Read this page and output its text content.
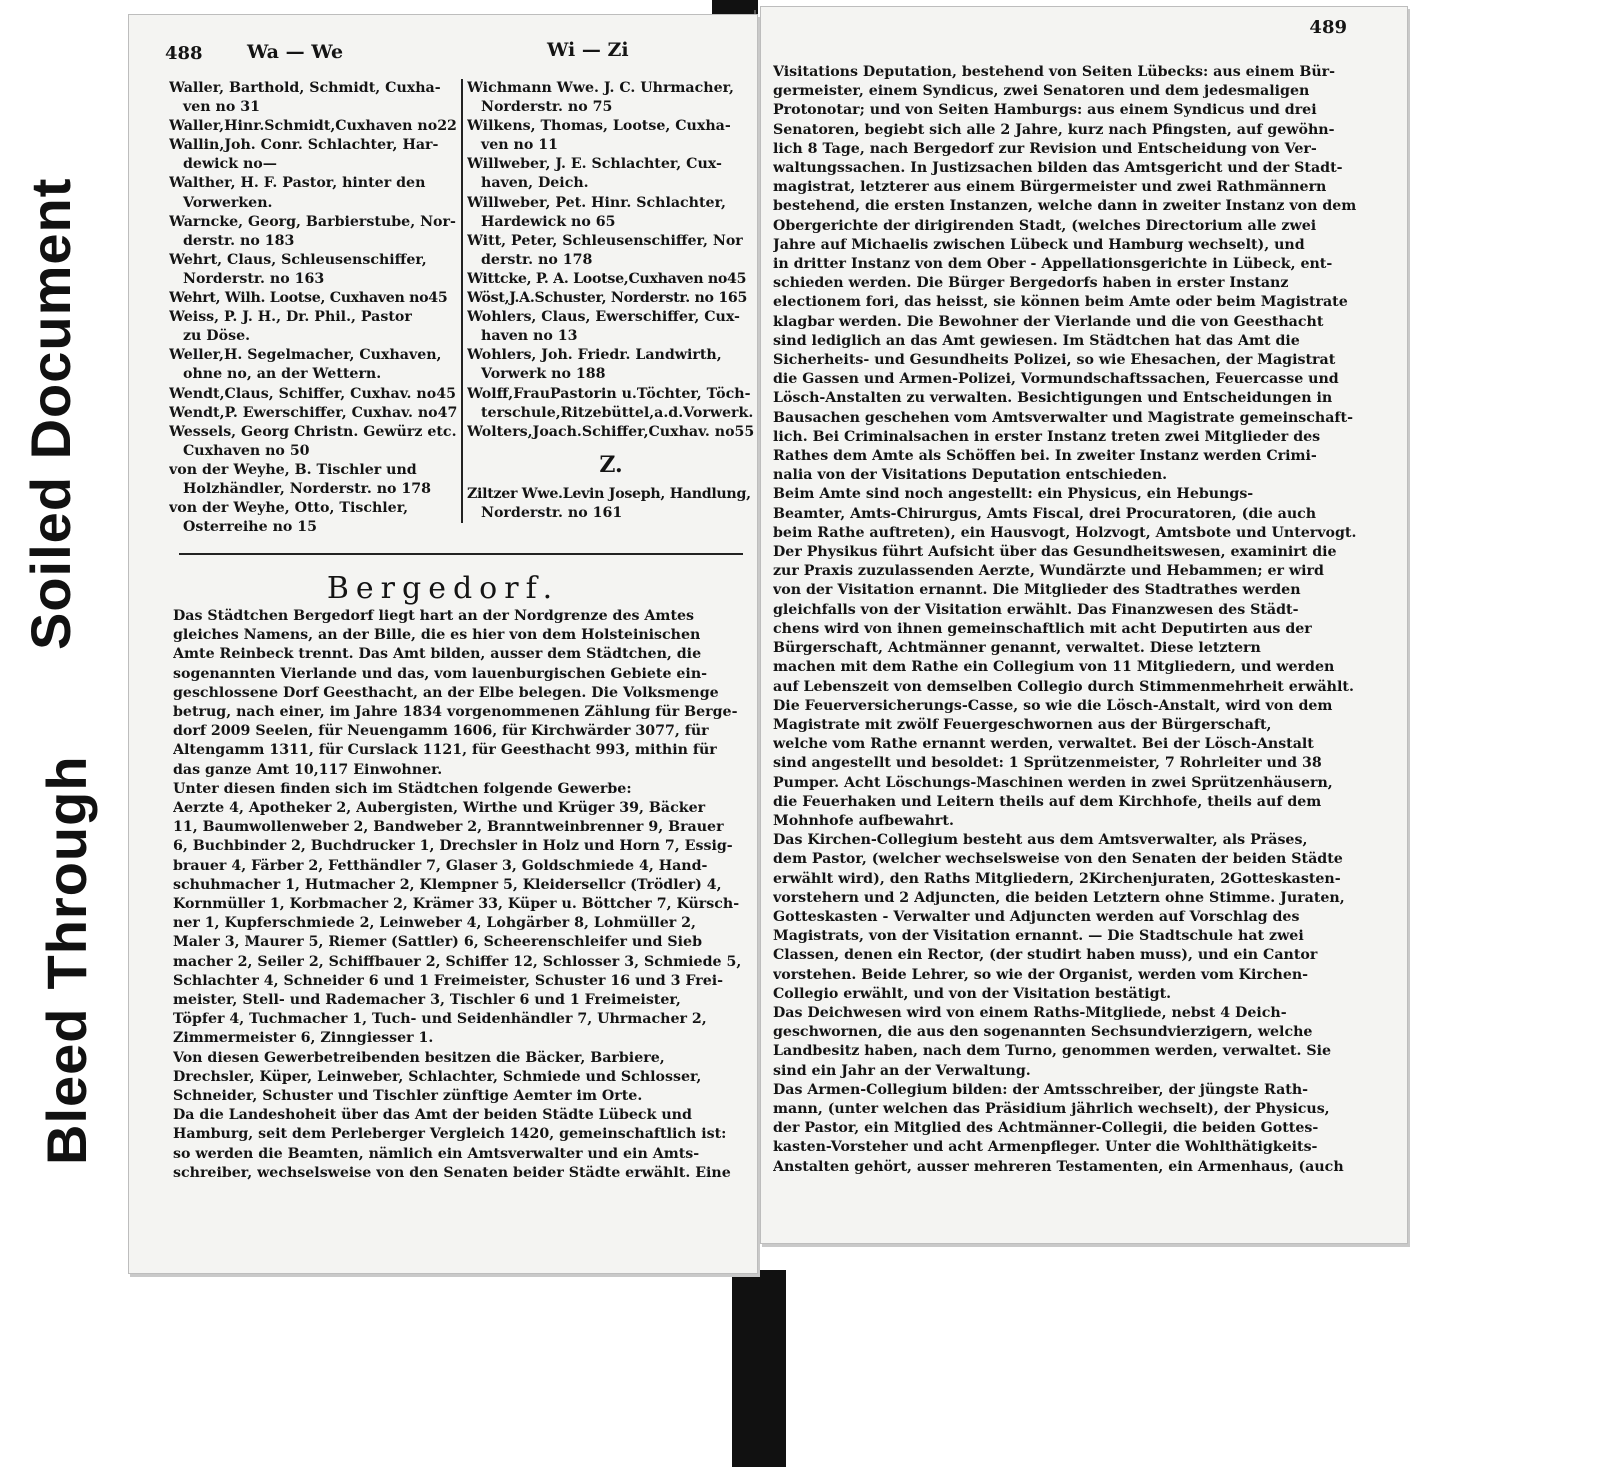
Soiled Document
BleedThrough
488 Wa — We	Wi — Zi
Waller, Barthold, Schmidt, Cuxha-
ven no 31
Waller,Hinr.Schmidt,Cuxhaven no22
Wallin,Joh. Conr. Schlachter, Har-
dewick no—
Walther, H. F. Pastor, hinter den
Vorwerken.
Warncke, Georg, Barbierstube, Nor-
derstr. no 183
Wehrt, Claus, Schleusenschiffer,
Norderstr. no 163
Wehrt, Wilh. Lootse, Cuxhaven no45
Weiss, P. J. H., Dr. Phil., Pastor
zu Döse.
Weller,H. Segelmacher, Cuxhaven,
ohne no, an der Wettern.
Wendt,Claus, Schiffer, Cuxhav. no45
Wendt,P. Ewerschiffer, Cuxhav. no47
Wessels, Georg Christn. Gewürz etc.
Cuxhaven no 50
von der Weyhe, B. Tischler und
Holzhändler, Norderstr. no 178
von der Weyhe, Otto, Tischler,
Osterreihe no 15
Wichmann Wwe. J. C. Uhrmacher,
Norderstr. no 75
Wilkens, Thomas, Lootse, Cuxha-
ven no 11
Willweber, J. E. Schlachter, Cux-
haven, Deich.
Willweber, Pet. Hinr. Schlachter,
Hardewick no 65
Witt, Peter, Schleusenschiffer, Nor
derstr. no 178
Wittcke, P. A. Lootse,Cuxhaven no45
Wöst,J.A.Schuster, Norderstr. no 165
Wohlers, Claus, Ewerschiffer, Cux-
haven no 13
Wohlers, Joh. Friedr. Landwirth,
Vorwerk no 188
Wolff,FrauPastorin u.Töchter, Töch-
terschule,Ritzebüttel,a.d.Vorwerk.
Wolters,Joach.Schiffer,Cuxhav. no55
Z.
Ziltzer Wwe.Levin Joseph, Handlung,
Norderstr. no 161
Bergedorf.
Das Städtchen Bergedorf liegt hart an der Nordgrenze des Amtes
gleiches Namens, an der Bille, die es hier von dem Holsteinischen
Amte Reinbeck trennt. Das Amt bilden, ausser dem Städtchen, die
sogenannten Vierlande und das, vom lauenburgischen Gebiete ein-
geschlossene Dorf Geesthacht, an der Elbe belegen. Die Volksmenge
betrug, nach einer, im Jahre 1834 vorgenommenen Zählung für Berge-
dorf 2009 Seelen, für Neuengamm 1606, für Kirchwärder 3077, für
Altengamm 1311, für Curslack 1121, für Geesthacht 993, mithin für
das ganze Amt 10,117 Einwohner.
Unter diesen finden sich im Städtchen folgende Gewerbe:
Aerzte 4, Apotheker 2, Aubergisten, Wirthe und Krüger 39, Bäcker
11, Baumwollenweber 2, Bandweber 2, Branntweinbrenner 9, Brauer
6, Buchbinder 2, Buchdrucker 1, Drechsler in Holz und Horn 7, Essig-
brauer 4, Färber 2, Fetthändler 7, Glaser 3, Goldschmiede 4, Hand-
schuhmacher 1, Hutmacher 2, Klempner 5, Kleidersellcr (Trödler) 4,
Kornmüller 1, Korbmacher 2, Krämer 33, Küper u. Böttcher 7, Kürsch-
ner 1, Kupferschmiede 2, Leinweber 4, Lohgärber 8, Lohmüller 2,
Maler 3, Maurer 5, Riemer (Sattler) 6, Scheerenschleifer und Sieb
macher 2, Seiler 2, Schiffbauer 2, Schiffer 12, Schlosser 3, Schmiede 5,
Schlachter 4, Schneider 6 und 1 Freimeister, Schuster 16 und 3 Frei-
meister, Stell- und Rademacher 3, Tischler 6 und 1 Freimeister,
Töpfer 4, Tuchmacher 1, Tuch- und Seidenhändler 7, Uhrmacher 2,
Zimmermeister 6, Zinngiesser 1.
Von diesen Gewerbetreibenden besitzen die Bäcker, Barbiere,
Drechsler, Küper, Leinweber, Schlachter, Schmiede und Schlosser,
Schneider, Schuster und Tischler zünftige Aemter im Orte.
Da die Landeshoheit über das Amt der beiden Städte Lübeck und
Hamburg, seit dem Perleberger Vergleich 1420, gemeinschaftlich ist:
so werden die Beamten, nämlich ein Amtsverwalter und ein Amts-
schreiber, wechselsweise von den Senaten beider Städte erwählt. Eine
489
Visitations Deputation, bestehend von Seiten Lübecks: aus einem Bür-
germeister, einem Syndicus, zwei Senatoren und dem jedesmaligen
Protonotar; und von Seiten Hamburgs: aus einem Syndicus und drei
Senatoren, begiebt sich alle 2 Jahre, kurz nach Pfingsten, auf gewöhn-
lich 8 Tage, nach Bergedorf zur Revision und Entscheidung von Ver-
waltungssachen. In Justizsachen bilden das Amtsgericht und der Stadt-
magistrat, letzterer aus einem Bürgermeister und zwei Rathmännern
bestehend, die ersten Instanzen, welche dann in zweiter Instanz von dem
Obergerichte der dirigirenden Stadt, (welches Directorium alle zwei
Jahre auf Michaelis zwischen Lübeck und Hamburg wechselt), und
in dritter Instanz von dem Ober - Appellationsgerichte in Lübeck, ent-
schieden werden. Die Bürger Bergedorfs haben in erster Instanz
electionem fori, das heisst, sie können beim Amte oder beim Magistrate
klagbar werden. Die Bewohner der Vierlande und die von Geesthacht
sind lediglich an das Amt gewiesen. Im Städtchen hat das Amt die
Sicherheits- und Gesundheits Polizei, so wie Ehesachen, der Magistrat
die Gassen und Armen-Polizei, Vormundschaftssachen, Feuercasse und
Lösch-Anstalten zu verwalten. Besichtigungen und Entscheidungen in
Bausachen geschehen vom Amtsverwalter und Magistrate gemeinschaft-
lich. Bei Criminalsachen in erster Instanz treten zwei Mitglieder des
Rathes dem Amte als Schöffen bei. In zweiter Instanz werden Crimi-
nalia von der Visitations Deputation entschieden.
Beim Amte sind noch angestellt: ein Physicus, ein Hebungs-
Beamter, Amts-Chirurgus, Amts Fiscal, drei Procuratoren, (die auch
beim Rathe auftreten), ein Hausvogt, Holzvogt, Amtsbote und Untervogt.
Der Physikus führt Aufsicht über das Gesundheitswesen, examinirt die
zur Praxis zuzulassenden Aerzte, Wundärzte und Hebammen; er wird
von der Visitation ernannt. Die Mitglieder des Stadtrathes werden
gleichfalls von der Visitation erwählt. Das Finanzwesen des Städt-
chens wird von ihnen gemeinschaftlich mit acht Deputirten aus der
Bürgerschaft, Achtmänner genannt, verwaltet. Diese letztern
machen mit dem Rathe ein Collegium von 11 Mitgliedern, und werden
auf Lebenszeit von demselben Collegio durch Stimmenmehrheit erwählt.
Die Feuerversicherungs-Casse, so wie die Lösch-Anstalt, wird von dem
Magistrate mit zwölf Feuergeschwornen aus der Bürgerschaft,
welche vom Rathe ernannt werden, verwaltet. Bei der Lösch-Anstalt
sind angestellt und besoldet: 1 Sprützenmeister, 7 Rohrleiter und 38
Pumper. Acht Löschungs-Maschinen werden in zwei Sprützenhäusern,
die Feuerhaken und Leitern theils auf dem Kirchhofe, theils auf dem
Mohnhofe aufbewahrt.
Das Kirchen-Collegium besteht aus dem Amtsverwalter, als Präses,
dem Pastor, (welcher wechselsweise von den Senaten der beiden Städte
erwählt wird), den Raths Mitgliedern, 2Kirchenjuraten, 2Gotteskasten-
vorstehern und 2 Adjuncten, die beiden Letztern ohne Stimme. Juraten,
Gotteskasten - Verwalter und Adjuncten werden auf Vorschlag des
Magistrats, von der Visitation ernannt. — Die Stadtschule hat zwei
Classen, denen ein Rector, (der studirt haben muss), und ein Cantor
vorstehen. Beide Lehrer, so wie der Organist, werden vom Kirchen-
Collegio erwählt, und von der Visitation bestätigt.
Das Deichwesen wird von einem Raths-Mitgliede, nebst 4 Deich-
geschwornen, die aus den sogenannten Sechsundvierzigern, welche
Landbesitz haben, nach dem Turno, genommen werden, verwaltet. Sie
sind ein Jahr an der Verwaltung.
Das Armen-Collegium bilden: der Amtsschreiber, der jüngste Rath-
mann, (unter welchen das Präsidium jährlich wechselt), der Physicus,
der Pastor, ein Mitglied des Achtmänner-Collegii, die beiden Gottes-
kasten-Vorsteher und acht Armenpfleger. Unter die Wohlthätigkeits-
Anstalten gehört, ausser mehreren Testamenten, ein Armenhaus, (auch
